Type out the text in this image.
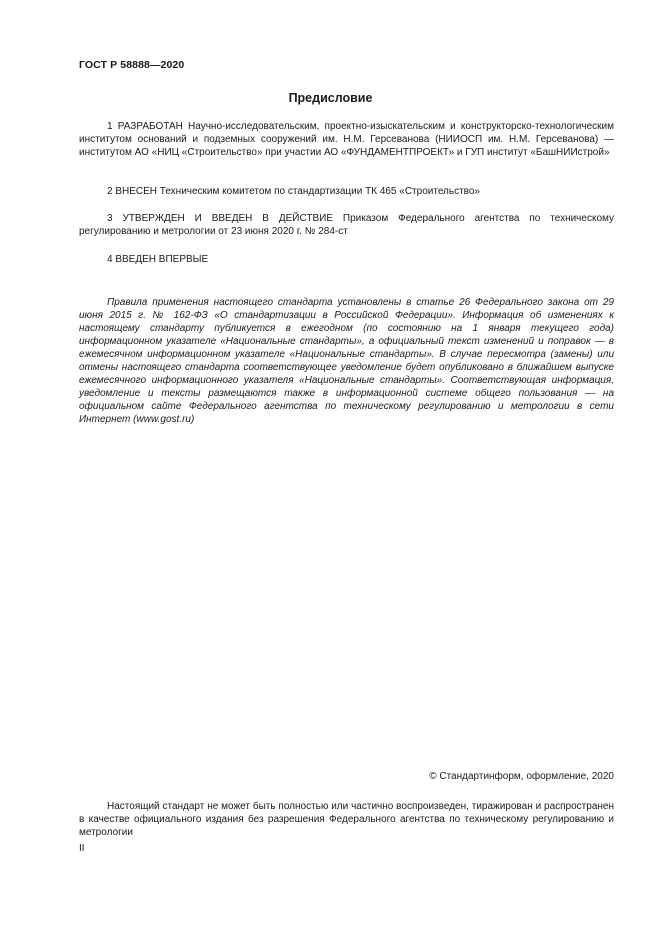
ГОСТ Р 58888—2020
Предисловие

1 РАЗРАБОТАН Научно-исследовательским, проектно-изыскательским и конструкторско-технологическим институтом оснований и подземных сооружений им. Н.М. Герсеванова (НИИОСП им. Н.М. Герсеванова) — институтом АО «НИЦ «Строительство» при участии АО «ФУНДАМЕНТПРОЕКТ» и ГУП институт «БашНИИстрой»

2 ВНЕСЕН Техническим комитетом по стандартизации ТК 465 «Строительство»

3 УТВЕРЖДЕН И ВВЕДЕН В ДЕЙСТВИЕ Приказом Федерального агентства по техническому регулированию и метрологии от 23 июня 2020 г. № 284-ст

4 ВВЕДЕН ВПЕРВЫЕ

Правила применения настоящего стандарта установлены в статье 26 Федерального закона от 29 июня 2015 г. № 162-ФЗ «О стандартизации в Российской Федерации». Информация об изменениях к настоящему стандарту публикуется в ежегодном (по состоянию на 1 января текущего года) информационном указателе «Национальные стандарты», а официальный текст изменений и поправок — в ежемесячном информационном указателе «Национальные стандарты». В случае пересмотра (замены) или отмены настоящего стандарта соответствующее уведомление будет опубликовано в ближайшем выпуске ежемесячного информационного указателя «Национальные стандарты». Соответствующая информация, уведомление и тексты размещаются также в информационной системе общего пользования — на официальном сайте Федерального агентства по техническому регулированию и метрологии в сети Интернет (www.gost.ru)

© Стандартинформ, оформление, 2020

Настоящий стандарт не может быть полностью или частично воспроизведен, тиражирован и распространен в качестве официального издания без разрешения Федерального агентства по техническому регулированию и метрологии

II
